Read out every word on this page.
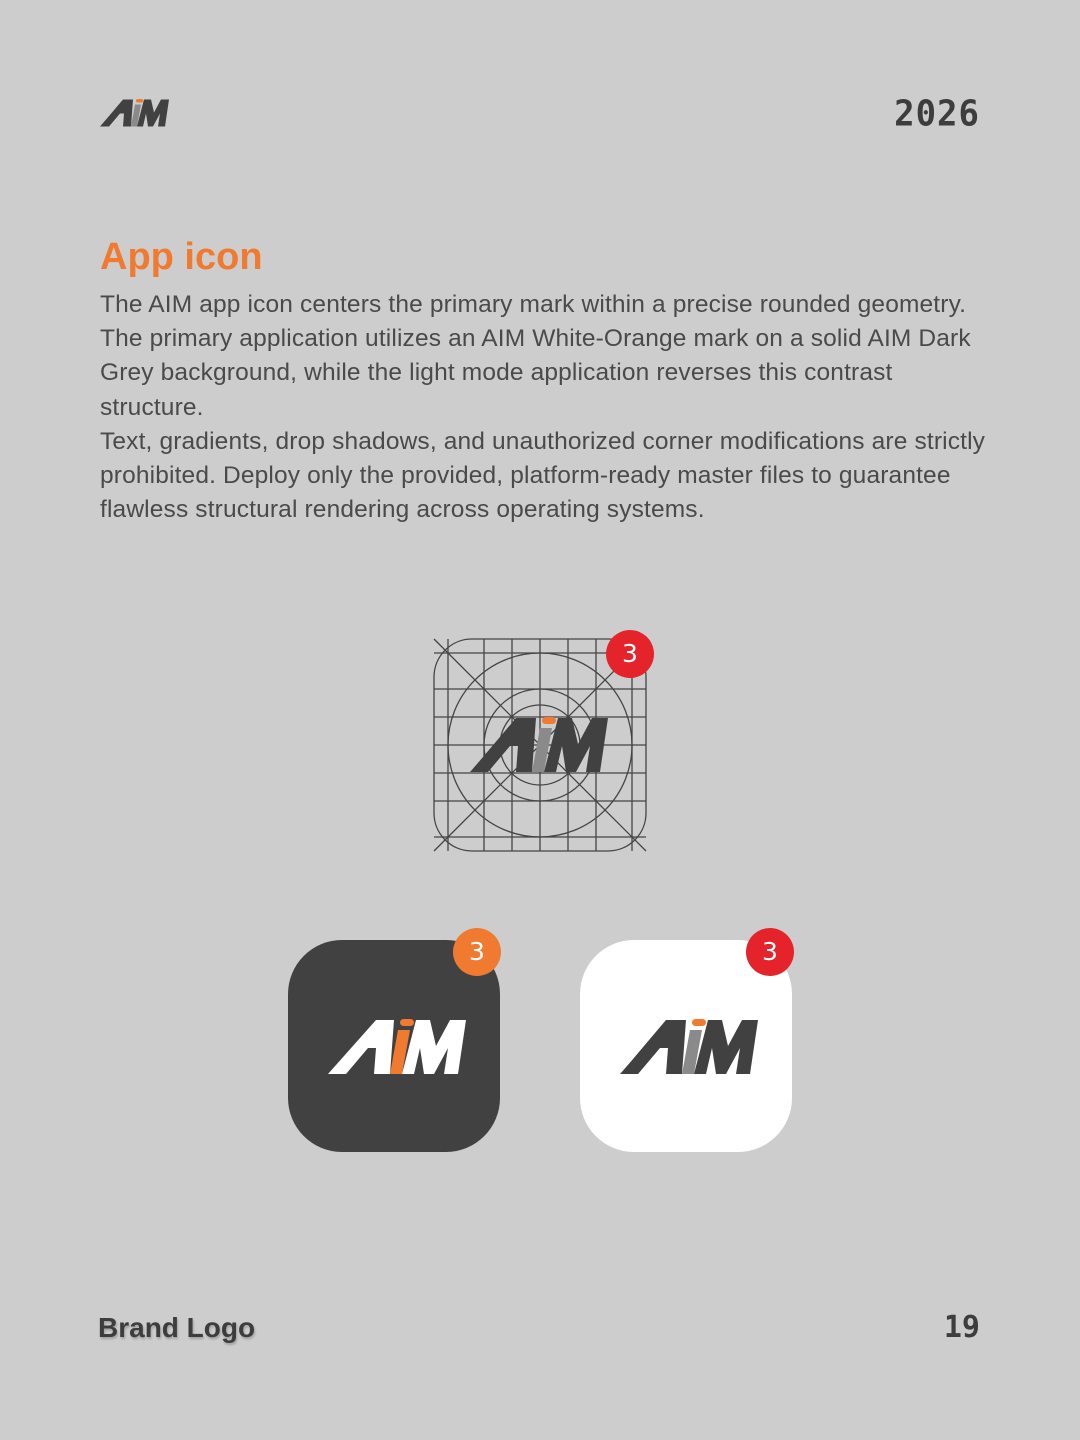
2026
App icon

The AIM app icon centers the primary mark within a precise rounded geometry. The primary application utilizes an AIM White-Orange mark on a solid AIM Dark Grey background, while the light mode application reverses this contrast structure.

Text, gradients, drop shadows, and unauthorized corner modifications are strictly prohibited. Deploy only the provided, platform-ready master files to guarantee flawless structural rendering across operating systems.

3
3	3
Brand Logo	19
